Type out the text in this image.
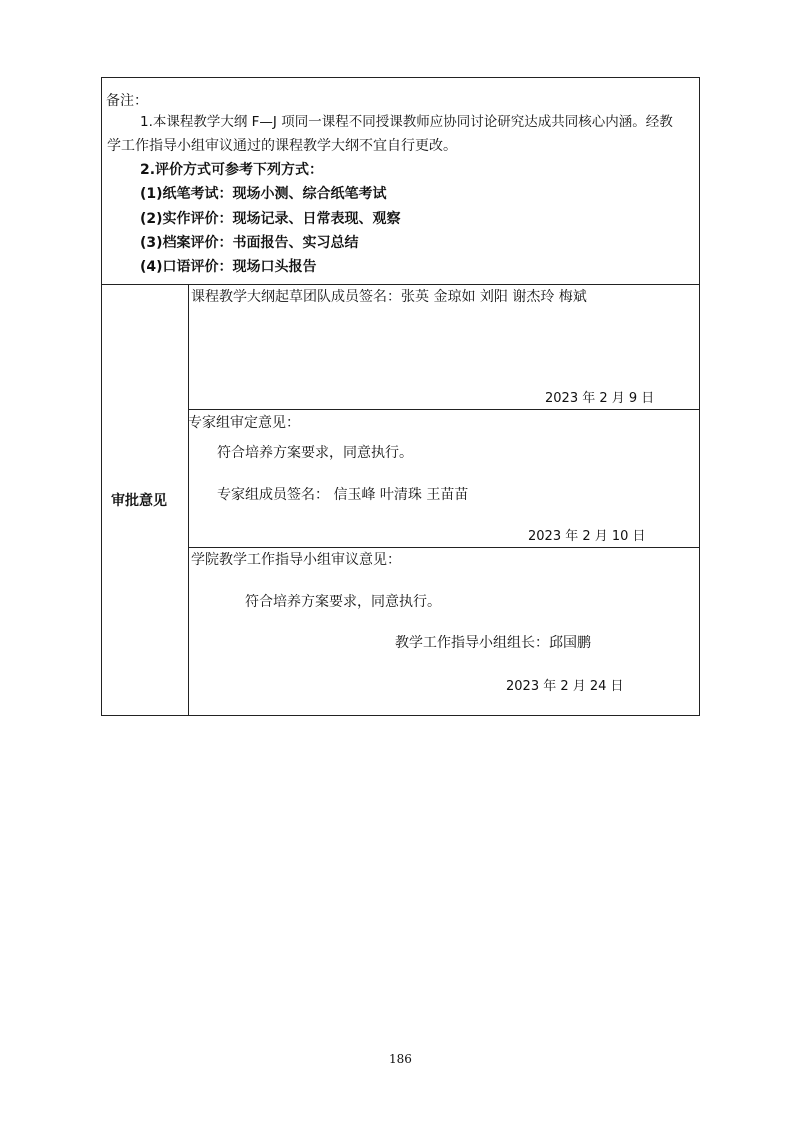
备注：
1.本课程教学大纲 F—J 项同一课程不同授课教师应协同讨论研究达成共同核心内涵。经教
学工作指导小组审议通过的课程教学大纲不宜自行更改。
2.评价方式可参考下列方式：
(1)纸笔考试：现场小测、综合纸笔考试
(2)实作评价：现场记录、日常表现、观察
(3)档案评价：书面报告、实习总结
(4)口语评价：现场口头报告
审批意见
课程教学大纲起草团队成员签名：张英 金琼如 刘阳 谢杰玲 梅斌
2023 年 2 月 9 日
专家组审定意见：
符合培养方案要求，同意执行。
专家组成员签名： 信玉峰 叶清珠 王苗苗
2023 年 2 月 10 日
学院教学工作指导小组审议意见：
符合培养方案要求，同意执行。
教学工作指导小组组长：邱国鹏
2023 年 2 月 24 日
186
